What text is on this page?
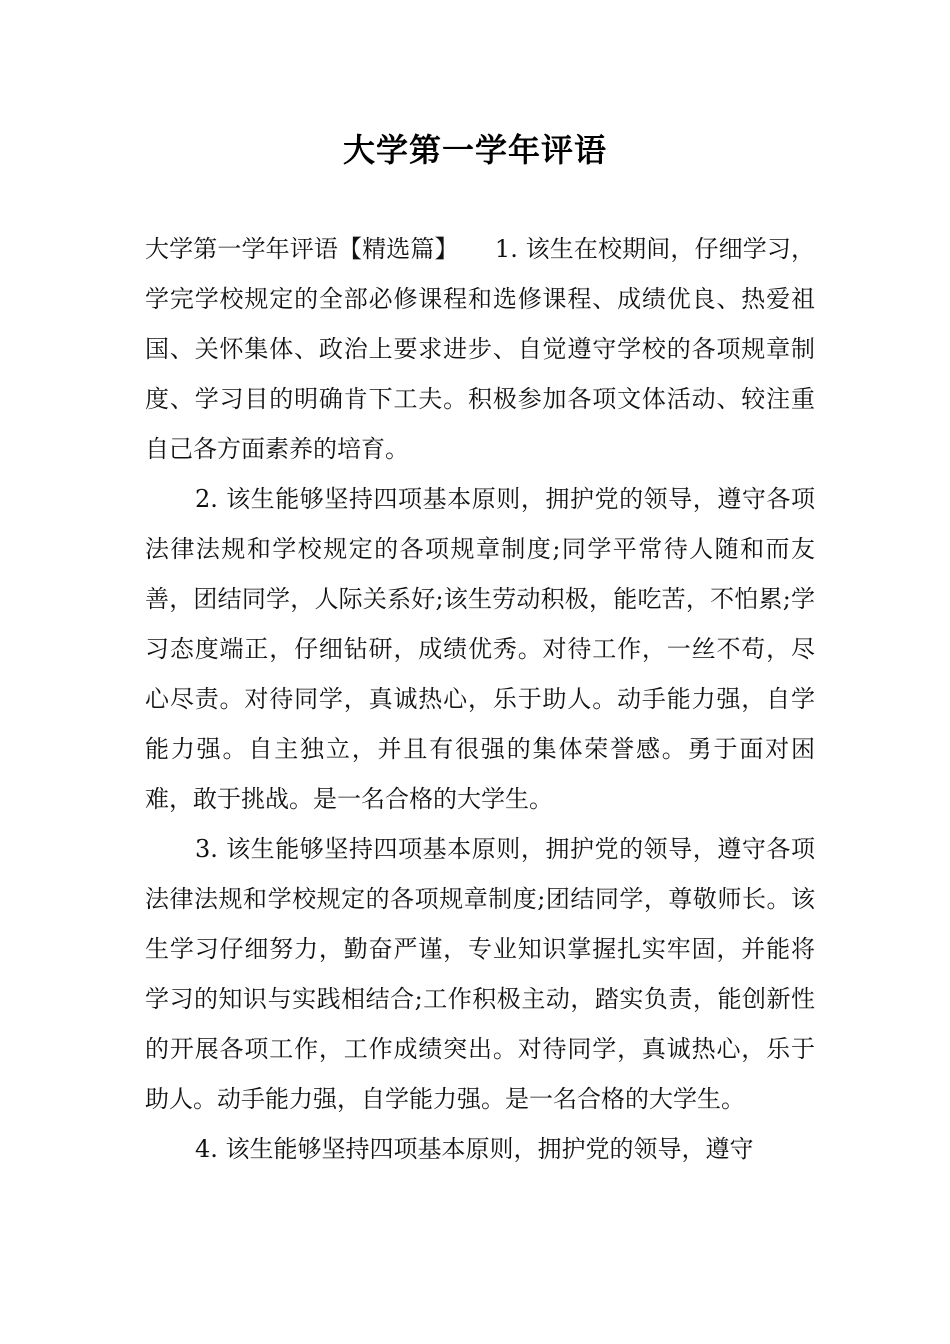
大学第一学年评语

大学第一学年评语【精选篇】　　1. 该生在校期间，仔细学习，学完学校规定的全部必修课程和选修课程、成绩优良、热爱祖国、关怀集体、政治上要求进步、自觉遵守学校的各项规章制度、学习目的明确肯下工夫。积极参加各项文体活动、较注重自己各方面素养的培育。

2. 该生能够坚持四项基本原则，拥护党的领导，遵守各项法律法规和学校规定的各项规章制度;同学平常待人随和而友善，团结同学，人际关系好;该生劳动积极，能吃苦，不怕累;学习态度端正，仔细钻研，成绩优秀。对待工作，一丝不苟，尽心尽责。对待同学，真诚热心，乐于助人。动手能力强，自学能力强。自主独立，并且有很强的集体荣誉感。勇于面对困难，敢于挑战。是一名合格的大学生。

3. 该生能够坚持四项基本原则，拥护党的领导，遵守各项法律法规和学校规定的各项规章制度;团结同学，尊敬师长。该生学习仔细努力，勤奋严谨，专业知识掌握扎实牢固，并能将学习的知识与实践相结合;工作积极主动，踏实负责，能创新性的开展各项工作，工作成绩突出。对待同学，真诚热心，乐于助人。动手能力强，自学能力强。是一名合格的大学生。

4. 该生能够坚持四项基本原则，拥护党的领导，遵守
